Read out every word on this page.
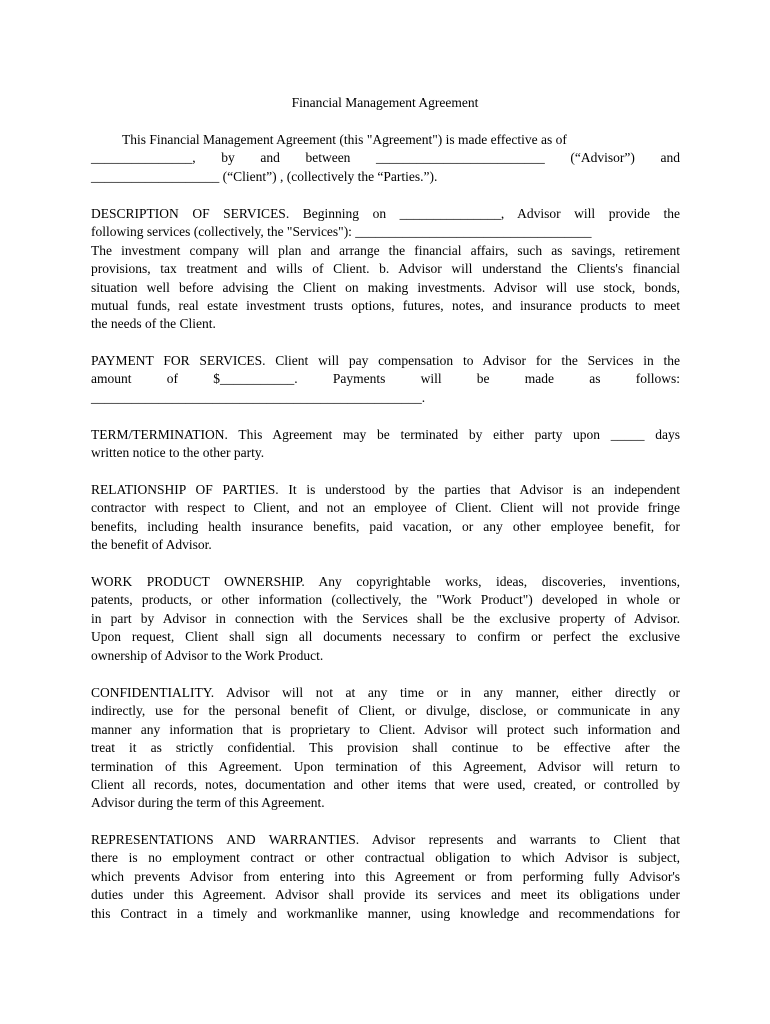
Financial Management Agreement
This Financial Management Agreement (this "Agreement") is made effective as of
_______________, by and between _________________________ (“Advisor”) and
___________________ (“Client”) , (collectively the “Parties.”).
DESCRIPTION OF SERVICES. Beginning on _______________, Advisor will provide the
following services (collectively, the "Services"): ___________________________________
The investment company will plan and arrange the financial affairs, such as savings, retirement
provisions, tax treatment and wills of Client. b. Advisor will understand the Clients's financial
situation well before advising the Client on making investments. Advisor will use stock, bonds,
mutual funds, real estate investment trusts options, futures, notes, and insurance products to meet
the needs of the Client.
PAYMENT FOR SERVICES. Client will pay compensation to Advisor for the Services in the
amount of $___________. Payments will be made as follows:
_________________________________________________.
TERM/TERMINATION. This Agreement may be terminated by either party upon _____ days
written notice to the other party.
RELATIONSHIP OF PARTIES. It is understood by the parties that Advisor is an independent
contractor with respect to Client, and not an employee of Client. Client will not provide fringe
benefits, including health insurance benefits, paid vacation, or any other employee benefit, for
the benefit of Advisor.
WORK PRODUCT OWNERSHIP. Any copyrightable works, ideas, discoveries, inventions,
patents, products, or other information (collectively, the "Work Product") developed in whole or
in part by Advisor in connection with the Services shall be the exclusive property of Advisor.
Upon request, Client shall sign all documents necessary to confirm or perfect the exclusive
ownership of Advisor to the Work Product.
CONFIDENTIALITY. Advisor will not at any time or in any manner, either directly or
indirectly, use for the personal benefit of Client, or divulge, disclose, or communicate in any
manner any information that is proprietary to Client. Advisor will protect such information and
treat it as strictly confidential. This provision shall continue to be effective after the
termination of this Agreement. Upon termination of this Agreement, Advisor will return to
Client all records, notes, documentation and other items that were used, created, or controlled by
Advisor during the term of this Agreement.
REPRESENTATIONS AND WARRANTIES. Advisor represents and warrants to Client that
there is no employment contract or other contractual obligation to which Advisor is subject,
which prevents Advisor from entering into this Agreement or from performing fully Advisor's
duties under this Agreement. Advisor shall provide its services and meet its obligations under
this Contract in a timely and workmanlike manner, using knowledge and recommendations for
